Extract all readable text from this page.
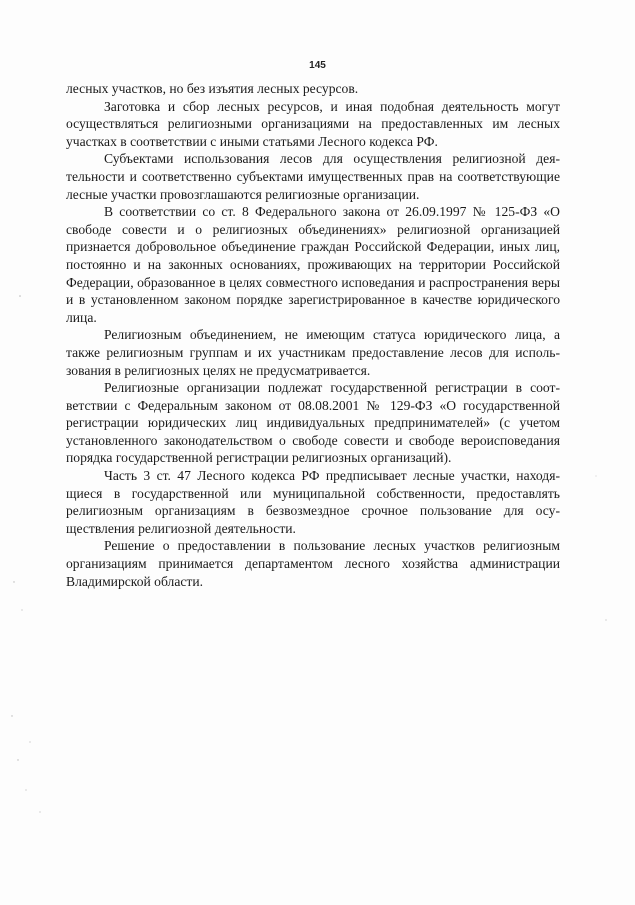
145

лесных участков, но без изъятия лесных ресурсов.

Заготовка и сбор лесных ресурсов, и иная подобная деятельность могут осуществляться религиозными организациями на предоставленных им лесных участках в соответствии с иными статьями Лесного кодекса РФ.

Субъектами использования лесов для осуществления религиозной деятельности и соответственно субъектами имущественных прав на соответствующие лесные участки провозглашаются религиозные организации.

В соответствии со ст. 8 Федерального закона от 26.09.1997 № 125-ФЗ «О свободе совести и о религиозных объединениях» религиозной организацией признается добровольное объединение граждан Российской Федерации, иных лиц, постоянно и на законных основаниях, проживающих на территории Российской Федерации, образованное в целях совместного исповедания и распространения веры и в установленном законом порядке зарегистрированное в качестве юридического лица.

Религиозным объединением, не имеющим статуса юридического лица, а также религиозным группам и их участникам предоставление лесов для использования в религиозных целях не предусматривается.

Религиозные организации подлежат государственной регистрации в соответствии с Федеральным законом от 08.08.2001 № 129-ФЗ «О государственной регистрации юридических лиц индивидуальных предпринимателей» (с учетом установленного законодательством о свободе совести и свободе вероисповедания порядка государственной регистрации религиозных организаций).

Часть 3 ст. 47 Лесного кодекса РФ предписывает лесные участки, находящиеся в государственной или муниципальной собственности, предоставлять религиозным организациям в безвозмездное срочное пользование для осуществления религиозной деятельности.

Решение о предоставлении в пользование лесных участков религиозным организациям принимается департаментом лесного хозяйства администрации Владимирской области.
